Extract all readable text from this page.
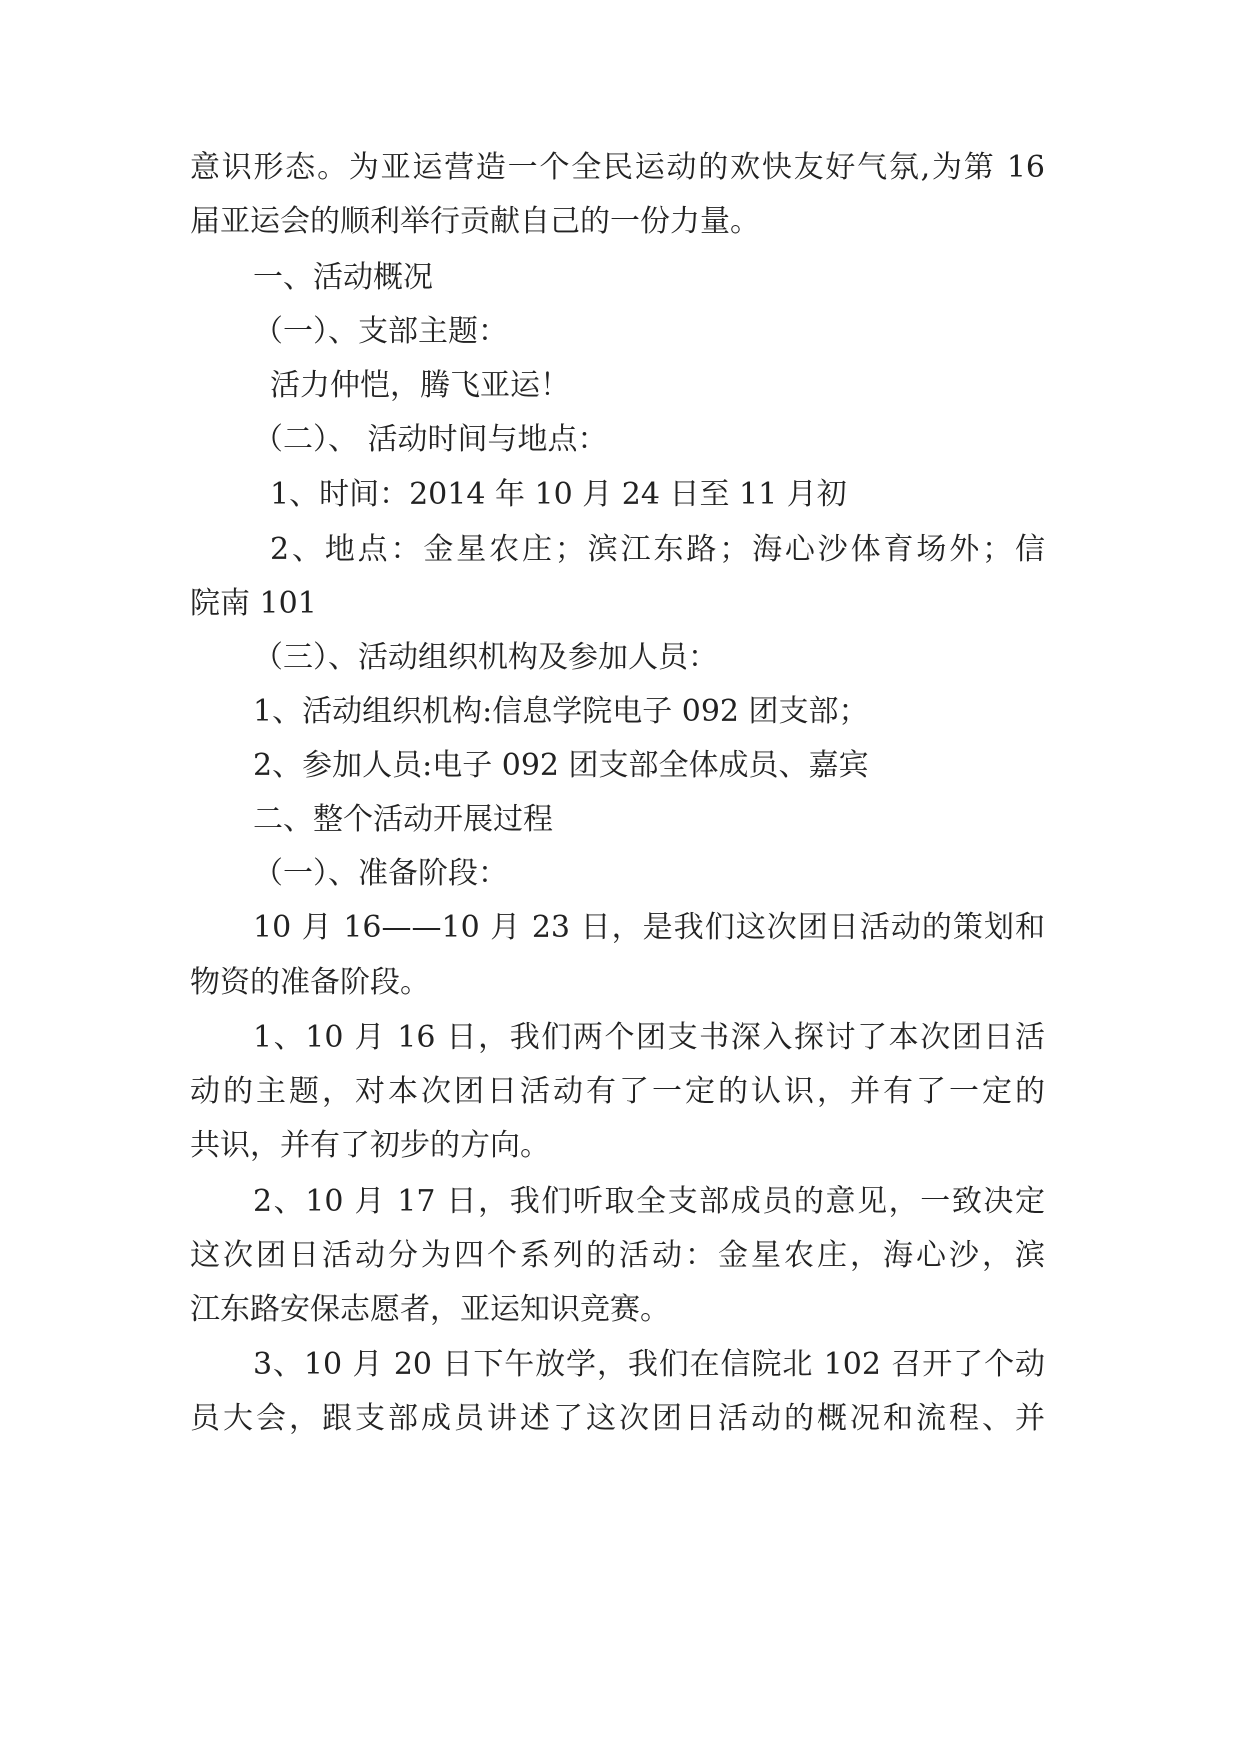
意识形态。为亚运营造一个全民运动的欢快友好气氛,为第 16

届亚运会的顺利举行贡献自己的一份力量。

一、活动概况

（一）、支部主题：

活力仲恺，腾飞亚运！

（二）、 活动时间与地点：

1、时间：2014 年 10 月 24 日至 11 月初

2、地点：金星农庄；滨江东路；海心沙体育场外；信

院南 101

（三）、活动组织机构及参加人员：

1、活动组织机构:信息学院电子 092 团支部；

2、参加人员:电子 092 团支部全体成员、嘉宾

二、整个活动开展过程

（一）、准备阶段：

10 月 16——10 月 23 日，是我们这次团日活动的策划和

物资的准备阶段。

1、10 月 16 日，我们两个团支书深入探讨了本次团日活

动的主题，对本次团日活动有了一定的认识，并有了一定的

共识，并有了初步的方向。

2、10 月 17 日，我们听取全支部成员的意见，一致决定

这次团日活动分为四个系列的活动：金星农庄，海心沙，滨

江东路安保志愿者，亚运知识竞赛。

3、10 月 20 日下午放学，我们在信院北 102 召开了个动

员大会，跟支部成员讲述了这次团日活动的概况和流程、并
